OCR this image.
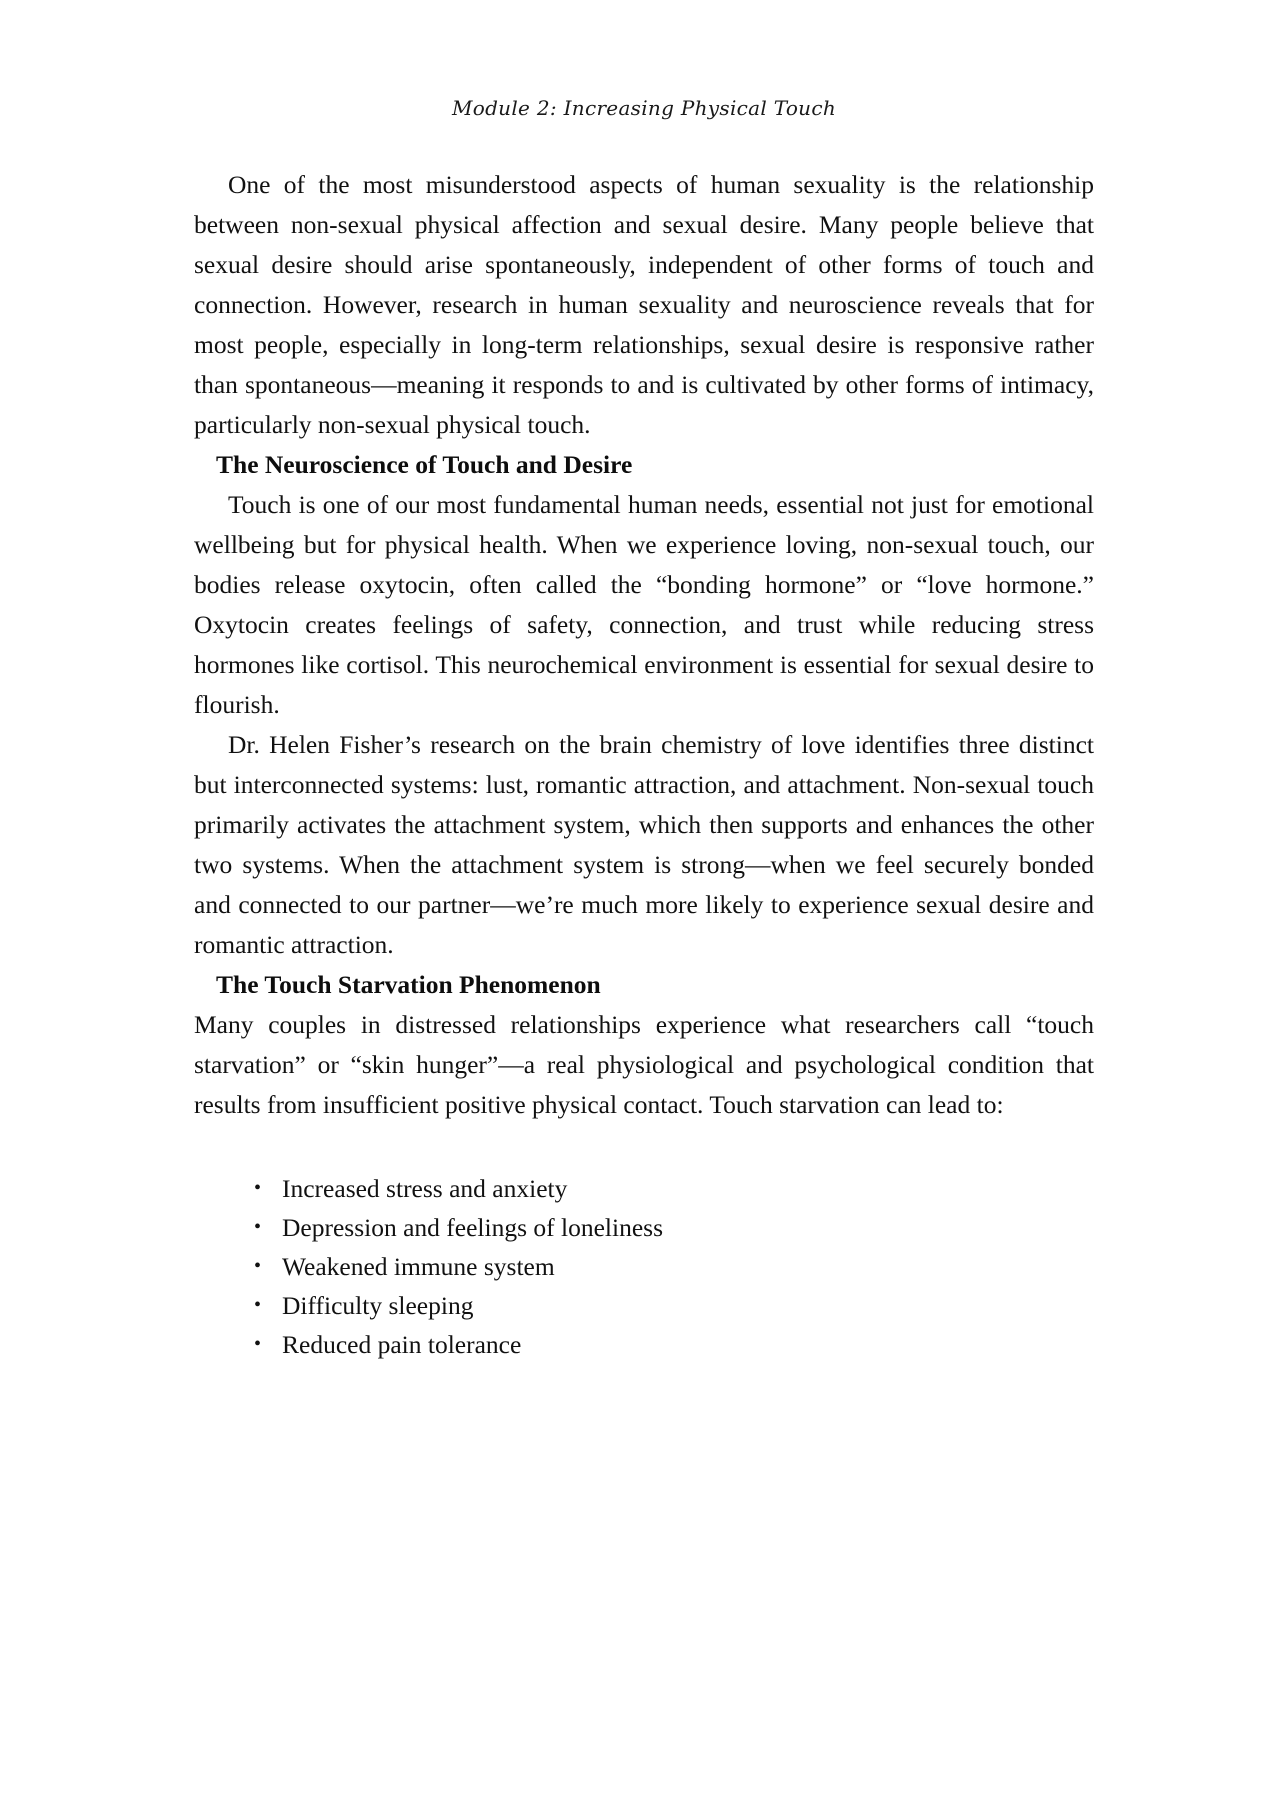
Module 2: Increasing Physical Touch

One of the most misunderstood aspects of human sexuality is the relationship between non-sexual physical affection and sexual desire. Many people believe that sexual desire should arise spontaneously, independent of other forms of touch and connection. However, research in human sexuality and neuroscience reveals that for most people, especially in long-term relationships, sexual desire is responsive rather than spontaneous—meaning it responds to and is cultivated by other forms of intimacy, particularly non-sexual physical touch.

The Neuroscience of Touch and Desire

Touch is one of our most fundamental human needs, essential not just for emotional wellbeing but for physical health. When we experience loving, non-sexual touch, our bodies release oxytocin, often called the “bonding hormone” or “love hormone.” Oxytocin creates feelings of safety, connection, and trust while reducing stress hormones like cortisol. This neurochemical environment is essential for sexual desire to flourish.

Dr. Helen Fisher’s research on the brain chemistry of love identifies three distinct but interconnected systems: lust, romantic attraction, and attachment. Non-sexual touch primarily activates the attachment system, which then supports and enhances the other two systems. When the attachment system is strong—when we feel securely bonded and connected to our partner—we’re much more likely to experience sexual desire and romantic attraction.

The Touch Starvation Phenomenon

Many couples in distressed relationships experience what researchers call “touch starvation” or “skin hunger”—a real physiological and psychological condition that results from insufficient positive physical contact. Touch starvation can lead to:

• Increased stress and anxiety
• Depression and feelings of loneliness
• Weakened immune system
• Difficulty sleeping
• Reduced pain tolerance
